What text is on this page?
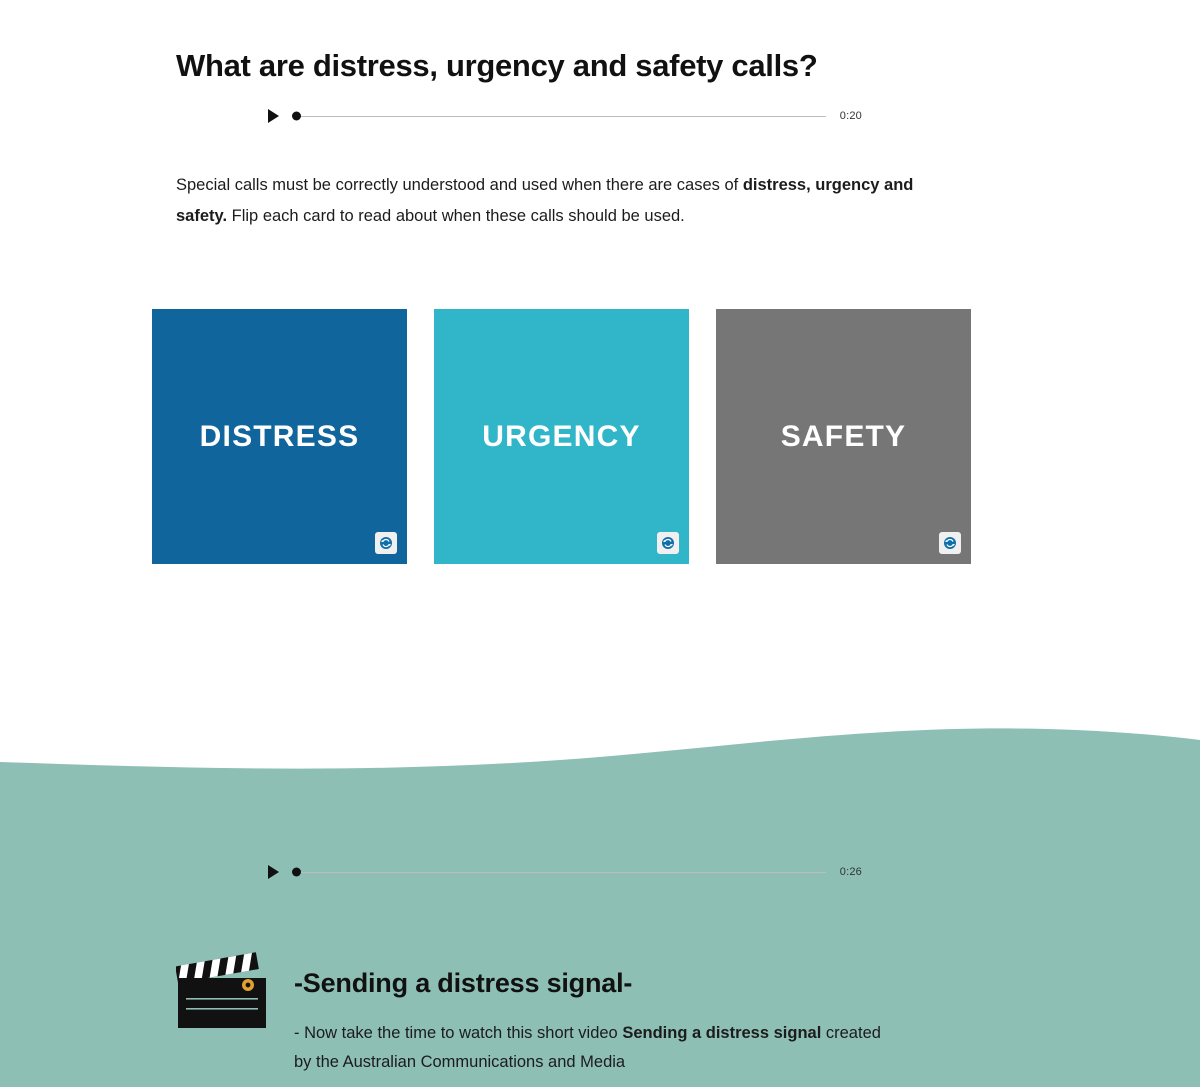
What are distress, urgency and safety calls?
0:20
Special calls must be correctly understood and used when there are cases of distress, urgency and safety. Flip each card to read about when these calls should be used.
DISTRESS	URGENCY	SAFETY
0:26
-Sending a distress signal-
- Now take the time to watch this short video Sending a distress signal created by the Australian Communications and Media
